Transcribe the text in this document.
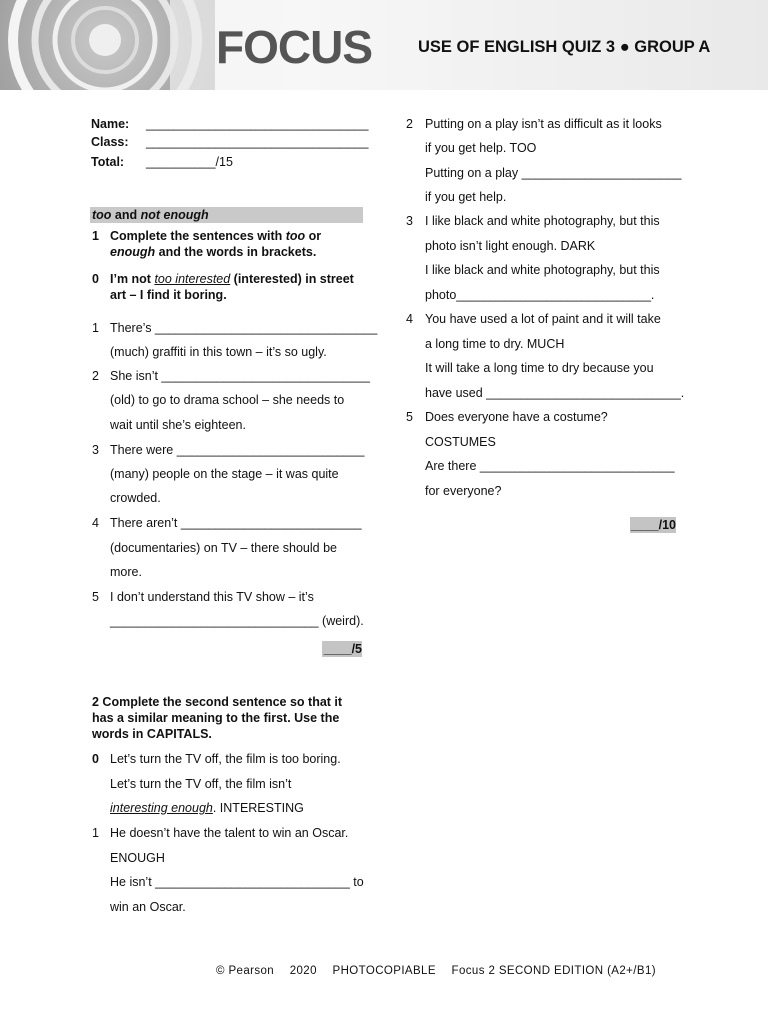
FOCUS	USE OF ENGLISH QUIZ 3 ● GROUP A
Name: ________________________________
Class: ________________________________
Total: __________/15
too and not enough
1 Complete the sentences with too or
enough and the words in brackets.
0 I’m not too interested (interested) in street
art – I find it boring.
1 There’s ________________________________
(much) graffiti in this town – it’s so ugly.
2 She isn’t ______________________________
(old) to go to drama school – she needs to
wait until she’s eighteen.
3 There were ___________________________
(many) people on the stage – it was quite
crowded.
4 There aren’t __________________________
(documentaries) on TV – there should be
more.
5 I don’t understand this TV show – it’s
______________________________ (weird).
____/5
2 Complete the second sentence so that it
has a similar meaning to the first. Use the
words in CAPITALS.
0 Let’s turn the TV off, the film is too boring.
Let’s turn the TV off, the film isn’t
interesting enough. INTERESTING
1 He doesn’t have the talent to win an Oscar.
ENOUGH
He isn’t ____________________________ to
win an Oscar.
2 Putting on a play isn’t as difficult as it looks
if you get help. TOO
Putting on a play _______________________
if you get help.
3 I like black and white photography, but this
photo isn’t light enough. DARK
I like black and white photography, but this
photo____________________________.
4 You have used a lot of paint and it will take
a long time to dry. MUCH
It will take a long time to dry because you
have used ____________________________.
5 Does everyone have a costume?
COSTUMES
Are there ____________________________
for everyone?
____/10
© Pearson 2020 PHOTOCOPIABLE Focus 2 SECOND EDITION (A2+/B1)
